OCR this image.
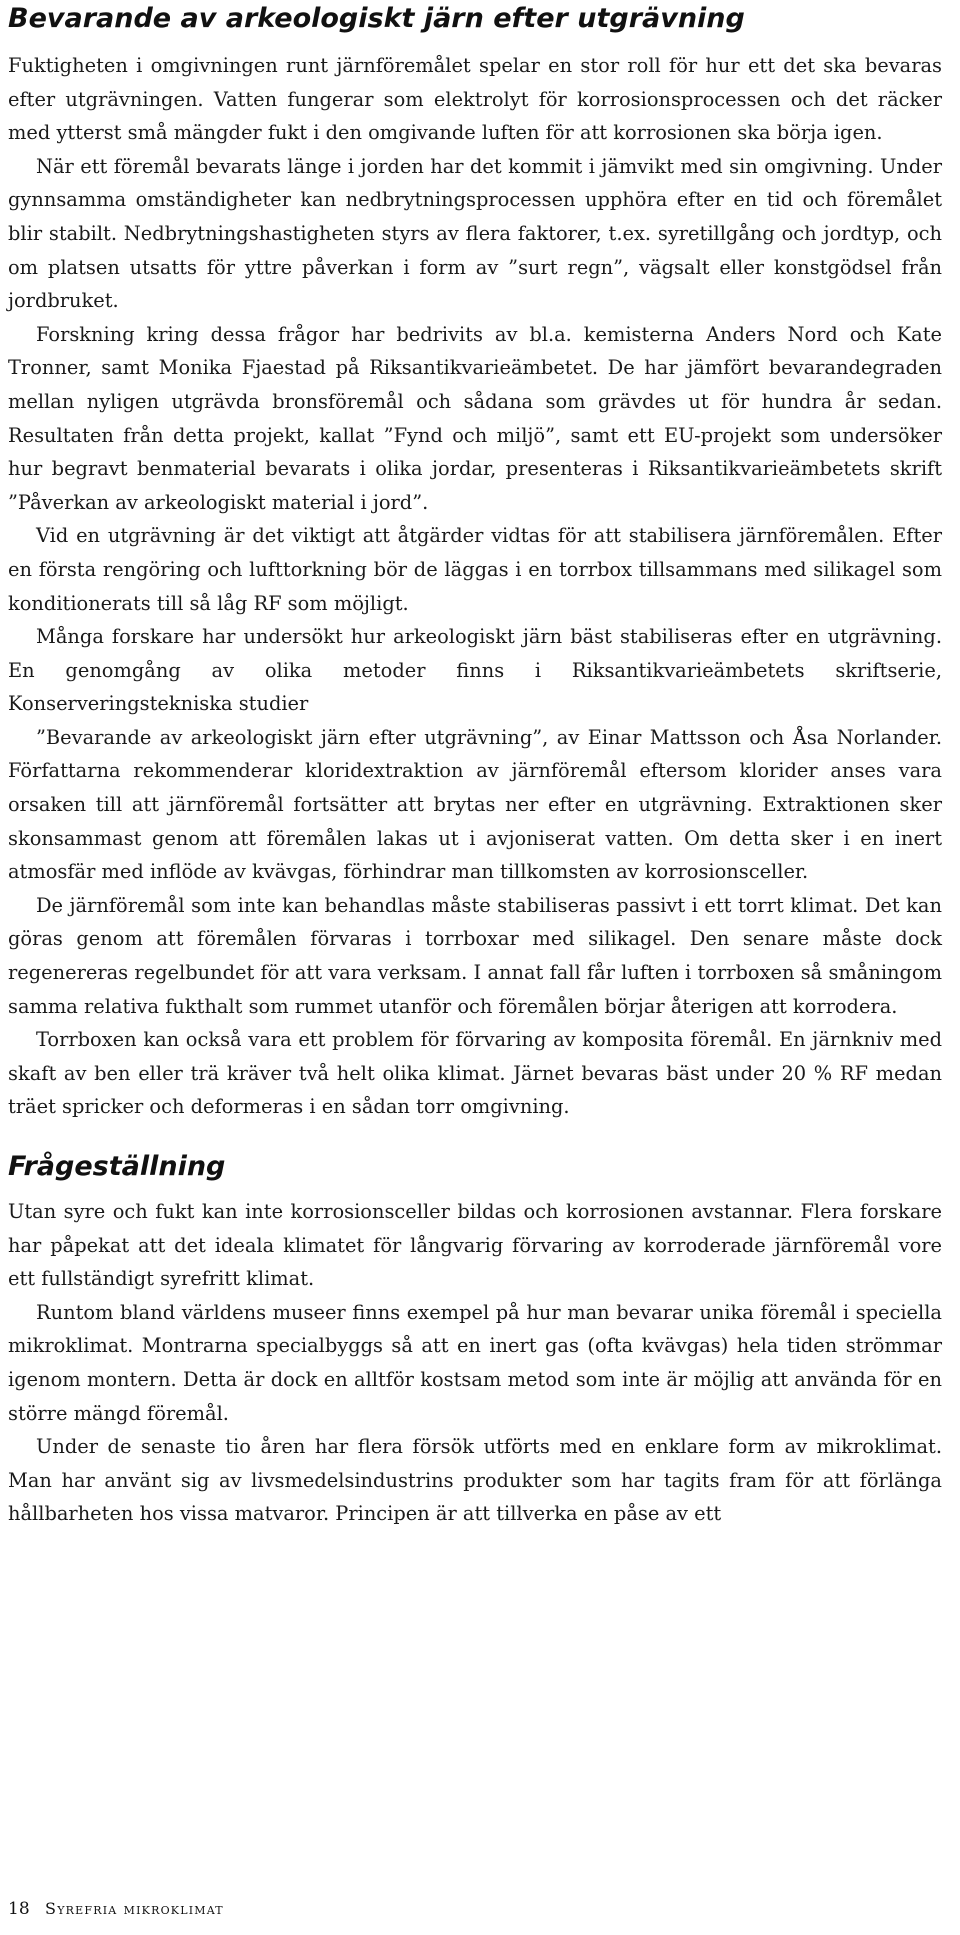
Bevarande av arkeologiskt järn efter utgrävning

Fuktigheten i omgivningen runt järnföremålet spelar en stor roll för hur ett det ska bevaras efter utgrävningen. Vatten fungerar som elektrolyt för korrosionsprocessen och det räcker med ytterst små mängder fukt i den omgivande luften för att korrosionen ska börja igen.

När ett föremål bevarats länge i jorden har det kommit i jämvikt med sin omgivning. Under gynnsamma omständigheter kan nedbrytningsprocessen upphöra efter en tid och föremålet blir stabilt. Nedbrytningshastigheten styrs av flera faktorer, t.ex. syretillgång och jordtyp, och om platsen utsatts för yttre påverkan i form av ”surt regn”, vägsalt eller konstgödsel från jordbruket.

Forskning kring dessa frågor har bedrivits av bl.a. kemisterna Anders Nord och Kate Tronner, samt Monika Fjaestad på Riksantikvarieämbetet. De har jämfört bevarandegraden mellan nyligen utgrävda bronsföremål och sådana som grävdes ut för hundra år sedan. Resultaten från detta projekt, kallat ”Fynd och miljö”, samt ett EU-projekt som undersöker hur begravt benmaterial bevarats i olika jordar, presenteras i Riksantikvarieämbetets skrift ”Påverkan av arkeologiskt material i jord”.

Vid en utgrävning är det viktigt att åtgärder vidtas för att stabilisera järnföremålen. Efter en första rengöring och lufttorkning bör de läggas i en torrbox tillsammans med silikagel som konditionerats till så låg RF som möjligt.

Många forskare har undersökt hur arkeologiskt järn bäst stabiliseras efter en utgrävning. En genomgång av olika metoder finns i Riksantikvarieämbetets skriftserie, Konserveringstekniska studier

”Bevarande av arkeologiskt järn efter utgrävning”, av Einar Mattsson och Åsa Norlander. Författarna rekommenderar kloridextraktion av järnföremål eftersom klorider anses vara orsaken till att järnföremål fortsätter att brytas ner efter en utgrävning. Extraktionen sker skonsammast genom att föremålen lakas ut i avjoniserat vatten. Om detta sker i en inert atmosfär med inflöde av kvävgas, förhindrar man tillkomsten av korrosionsceller.

De järnföremål som inte kan behandlas måste stabiliseras passivt i ett torrt klimat. Det kan göras genom att föremålen förvaras i torrboxar med silikagel. Den senare måste dock regenereras regelbundet för att vara verksam. I annat fall får luften i torrboxen så småningom samma relativa fukthalt som rummet utanför och föremålen börjar återigen att korrodera.

Torrboxen kan också vara ett problem för förvaring av komposita föremål. En järnkniv med skaft av ben eller trä kräver två helt olika klimat. Järnet bevaras bäst under 20 % RF medan träet spricker och deformeras i en sådan torr omgivning.

Frågeställning

Utan syre och fukt kan inte korrosionsceller bildas och korrosionen avstannar. Flera forskare har påpekat att det ideala klimatet för långvarig förvaring av korroderade järnföremål vore ett fullständigt syrefritt klimat.

Runtom bland världens museer finns exempel på hur man bevarar unika föremål i speciella mikroklimat. Montrarna specialbyggs så att en inert gas (ofta kvävgas) hela tiden strömmar igenom montern. Detta är dock en alltför kostsam metod som inte är möjlig att använda för en större mängd föremål.

Under de senaste tio åren har flera försök utförts med en enklare form av mikroklimat. Man har använt sig av livsmedelsindustrins produkter som har tagits fram för att förlänga hållbarheten hos vissa matvaror. Principen är att tillverka en påse av ett

18 Syrefria mikroklimat
